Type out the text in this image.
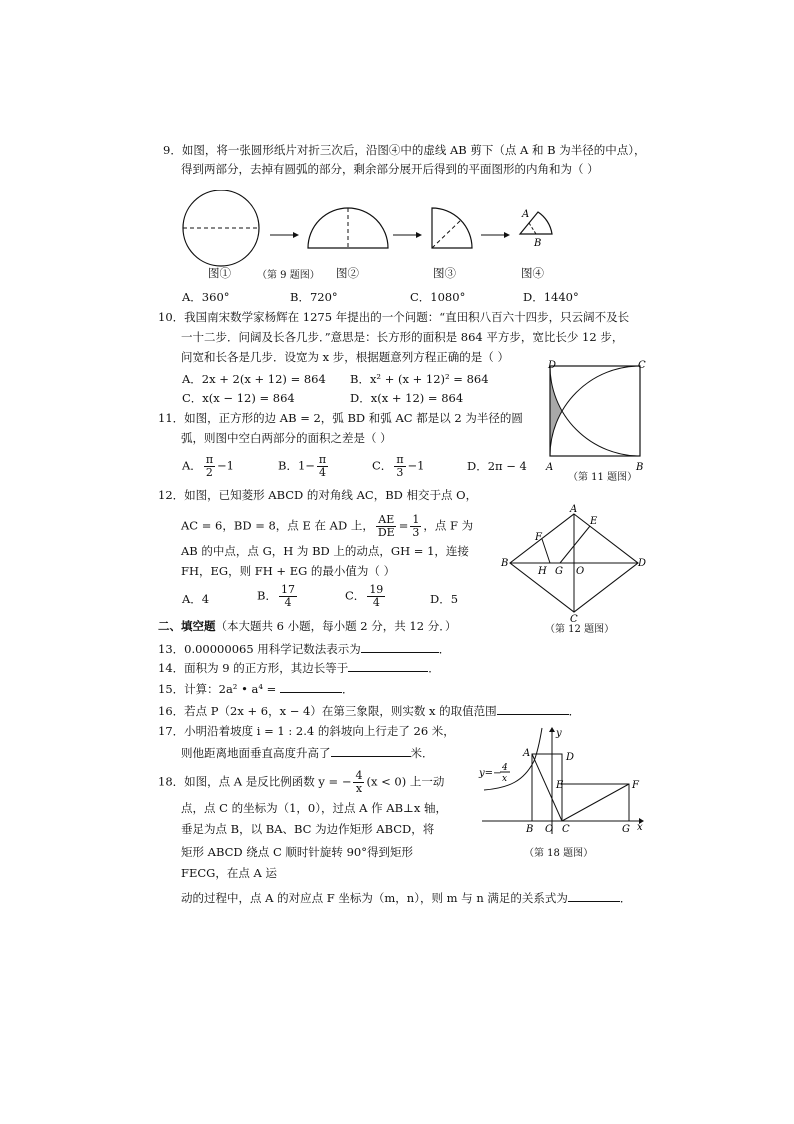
9．如图，将一张圆形纸片对折三次后，沿图④中的虚线 AB 剪下（点 A 和 B 为半径的中点），
得到两部分，去掉有圆弧的部分，剩余部分展开后得到的平面图形的内角和为（ ）
A
B
图①	（第 9 题图） 图②	图③	图④
A．360°	B．720°	C．1080°	D．1440°
10．我国南宋数学家杨辉在 1275 年提出的一个问题：“直田积八百六十四步，只云阔不及长
一十二步．问阔及长各几步．”意思是：长方形的面积是 864 平方步，宽比长少 12 步，
问宽和长各是几步．设宽为 x 步，根据题意列方程正确的是（ ）
A．2x + 2(x + 12) = 864 B．x² + (x + 12)² = 864
C．x(x − 12) = 864	D．x(x + 12) = 864
11．如图，正方形的边 AB = 2，弧 BD 和弧 AC 都是以 2 为半径的圆
弧，则图中空白两部分的面积之差是（ ）
A． $\frac{\pi}{2} -1$	B．$1- \frac{\pi}{4}$	C． $\frac{\pi}{3} -1$	D．2π − 4
D	C
A	B
（第 11 题图）
12．如图，已知菱形 ABCD 的对角线 AC，BD 相交于点 O，
AC = 6，BD = 8，点 E 在 AD 上， $\frac{AE}{DE} = \frac{1}{3}$ ，点 F 为
AB 的中点，点 G，H 为 BD 上的动点，GH = 1，连接
FH，EG，则 FH + EG 的最小值为（ ）
A．4	B． $\frac{17}{4}$	C． $\frac{19}{4}$	D．5
A
E
F
B
H G O
D
C
（第 12 题图）
二、填空题（本大题共 6 小题，每小题 2 分，共 12 分．）
13．0.00000065 用科学记数法表示为	．
14．面积为 9 的正方形，其边长等于	．
15．计算：2a² • a⁴ =	．
16．若点 P（2x + 6，x − 4）在第三象限，则实数 x 的取值范围	．
17．小明沿着坡度 i = 1 : 2.4 的斜坡向上行走了 26 米，
则他距离地面垂直高度升高了	米．
18．如图，点 A 是反比例函数 y = − $\frac{4}{x} (x < 0)$ 上一动
点，点 C 的坐标为（1，0），过点 A 作 AB⊥x 轴，
垂足为点 B，以 BA、BC 为边作矩形 ABCD，将
矩形 ABCD 绕点 C 顺时针旋转 90°得到矩形
FECG，在点 A 运
动的过程中，点 A 的对应点 F 坐标为（m，n），则 m 与 n 满足的关系式为	．
y=− 4
x
A	D
E	F
B O C	G x
y
（第 18 题图）
